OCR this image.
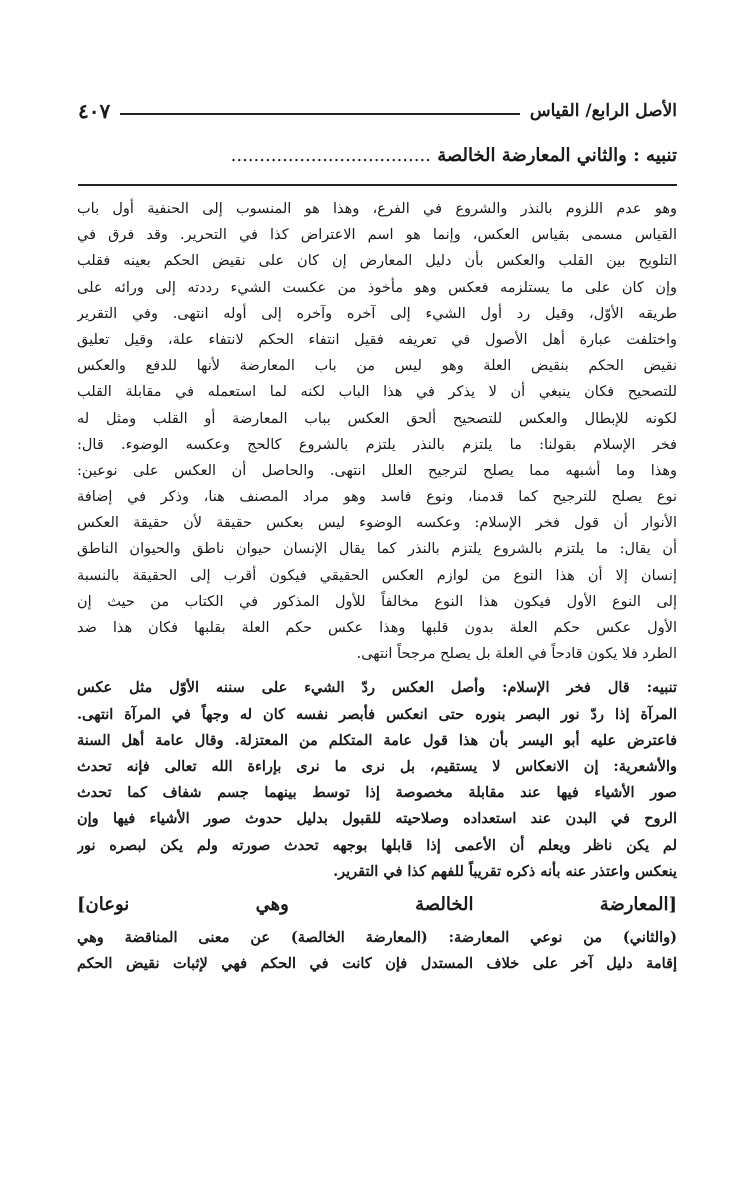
الأصل الرابع/ القياس
٤٠٧
تنبيه : والثاني المعارضة الخالصة ...................................
وهو عدم اللزوم بالنذر والشروع في الفرع، وهذا هو المنسوب إلى الحنفية أول باب
القياس مسمى بقياس العكس، وإنما هو اسم الاعتراض كذا في التحرير. وقد فرق في
التلويح بين القلب والعكس بأن دليل المعارض إن كان على نقيض الحكم بعينه فقلب
وإن كان على ما يستلزمه فعكس وهو مأخوذ من عكست الشيء رددته إلى ورائه على
طريقه الأوّل، وقيل رد أول الشيء إلى آخره وآخره إلى أوله انتهى. وفي التقرير
واختلفت عبارة أهل الأصول في تعريفه فقيل انتفاء الحكم لانتفاء علة، وقيل تعليق
نقيض الحكم بنقيض العلة وهو ليس من باب المعارضة لأنها للدفع والعكس
للتصحيح فكان ينبغي أن لا يذكر في هذا الباب لكنه لما استعمله في مقابلة القلب
لكونه للإبطال والعكس للتصحيح ألحق العكس بباب المعارضة أو القلب ومثل له
فخر الإسلام بقولنا: ما يلتزم بالنذر يلتزم بالشروع كالحج وعكسه الوضوء. قال:
وهذا وما أشبهه مما يصلح لترجيح العلل انتهى. والحاصل أن العكس على نوعين:
نوع يصلح للترجيح كما قدمنا، ونوع فاسد وهو مراد المصنف هنا، وذكر في إضافة
الأنوار أن قول فخر الإسلام: وعكسه الوضوء ليس بعكس حقيقة لأن حقيقة العكس
أن يقال: ما يلتزم بالشروع يلتزم بالنذر كما يقال الإنسان حيوان ناطق والحيوان الناطق
إنسان إلا أن هذا النوع من لوازم العكس الحقيقي فيكون أقرب إلى الحقيقة بالنسبة
إلى النوع الأول فيكون هذا النوع مخالفاً للأول المذكور في الكتاب من حيث إن
الأول عكس حكم العلة بدون قلبها وهذا عكس حكم العلة بقلبها فكان هذا ضد
الطرد فلا يكون قادحاً في العلة بل يصلح مرجحاً انتهى.
تنبيه: قال فخر الإسلام: وأصل العكس ردّ الشيء على سننه الأوّل مثل عكس
المرآة إذا ردّ نور البصر بنوره حتى انعكس فأبصر نفسه كان له وجهاً في المرآة انتهى.
فاعترض عليه أبو اليسر بأن هذا قول عامة المتكلم من المعتزلة. وقال عامة أهل السنة
والأشعرية: إن الانعكاس لا يستقيم، بل نرى ما نرى بإراءة الله تعالى فإنه تحدث
صور الأشياء فيها عند مقابلة مخصوصة إذا توسط بينهما جسم شفاف كما تحدث
الروح في البدن عند استعداده وصلاحيته للقبول بدليل حدوث صور الأشياء فيها وإن
لم يكن ناظر ويعلم أن الأعمى إذا قابلها بوجهه تحدث صورته ولم يكن لبصره نور
ينعكس واعتذر عنه بأنه ذكره تقريباً للفهم كذا في التقرير.
[المعارضة الخالصة وهي نوعان]
(والثاني) من نوعي المعارضة: (المعارضة الخالصة) عن معنى المناقضة وهي
إقامة دليل آخر على خلاف المستدل فإن كانت في الحكم فهي لإثبات نقيض الحكم
